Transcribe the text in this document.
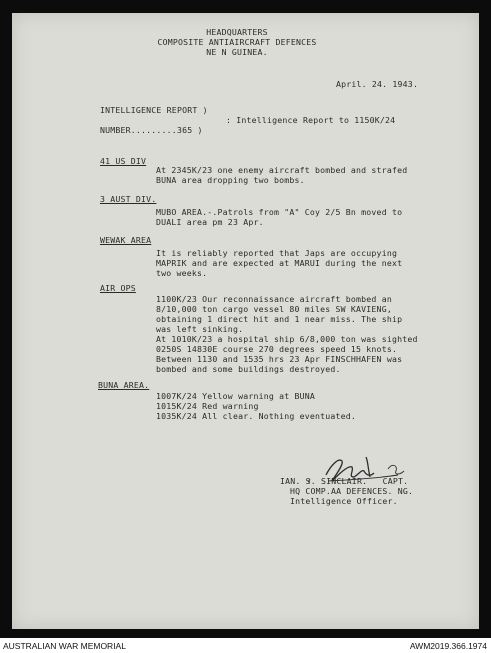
HEADQUARTERS
COMPOSITE ANTIAIRCRAFT DEFENCES
NE N GUINEA.
April. 24. 1943.
INTELLIGENCE REPORT )
: Intelligence Report to 1150K/24
NUMBER.........365 )
41 US DIV
At 2345K/23 one enemy aircraft bombed and strafed
BUNA area dropping two bombs.
3 AUST DIV.
MUBO AREA.-.Patrols from "A" Coy 2/5 Bn moved to
DUALI area pm 23 Apr.
WEWAK AREA
It is reliably reported that Japs are occupying
MAPRIK and are expected at MARUI during the next
two weeks.
AIR OPS
1100K/23 Our reconnaissance aircraft bombed an
8/10,000 ton cargo vessel 80 miles SW KAVIENG,
obtaining 1 direct hit and 1 near miss. The ship
was left sinking.
At 1010K/23 a hospital ship 6/8,000 ton was sighted
0250S 14830E course 270 degrees speed 15 knots.
Between 1130 and 1535 hrs 23 Apr FINSCHHAFEN was
bombed and some buildings destroyed.
BUNA AREA.
1007K/24 Yellow warning at BUNA
1015K/24 Red warning
1035K/24 All clear. Nothing eventuated.
IAN. S. SINCLAIR.   CAPT.
HQ COMP.AA DEFENCES. NG.
Intelligence Officer.
AUSTRALIAN WAR MEMORIAL	AWM2019.366.1974
